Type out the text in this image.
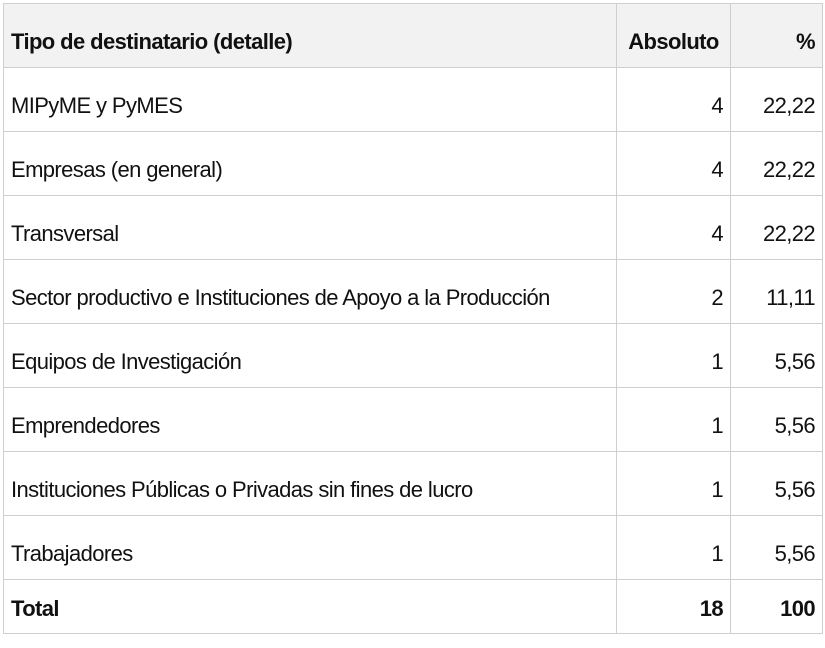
Tipo de destinatario (detalle)	Absoluto	%
MIPyME y PyMES	4	22,22
Empresas (en general)	4	22,22
Transversal	4	22,22
Sector productivo e Instituciones de Apoyo a la Producción	2	11,11
Equipos de Investigación	1	5,56
Emprendedores	1	5,56
Instituciones Públicas o Privadas sin fines de lucro	1	5,56
Trabajadores	1	5,56
Total	18	100
